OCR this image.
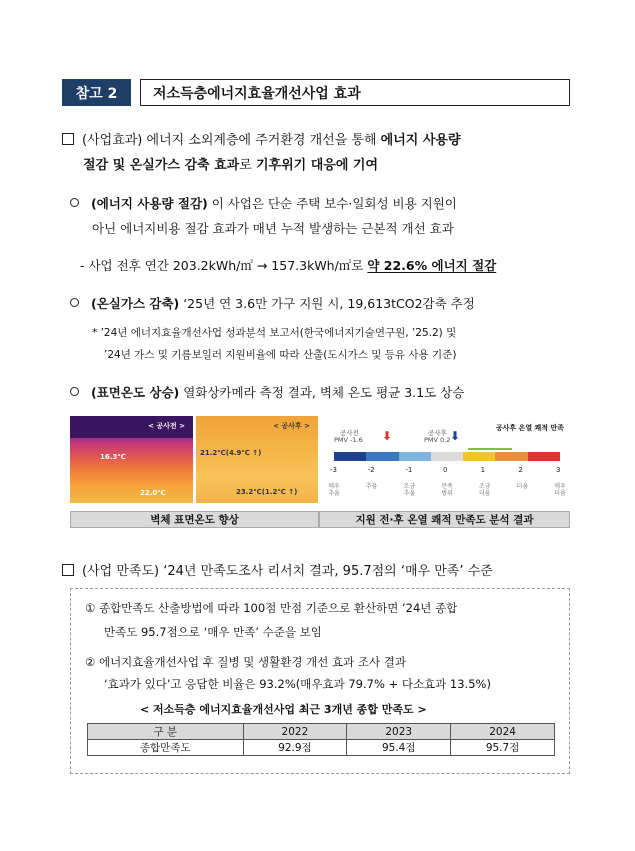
참고 2	저소득층에너지효율개선사업 효과
(사업효과) 에너지 소외계층에 주거환경 개선을 통해 에너지 사용량
절감 및 온실가스 감축 효과로 기후위기 대응에 기여
(에너지 사용량 절감) 이 사업은 단순 주택 보수·일회성 비용 지원이
아닌 에너지비용 절감 효과가 매년 누적 발생하는 근본적 개선 효과
- 사업 전후 연간 203.2kWh/㎡ → 157.3kWh/㎡로 약 22.6% 에너지 절감
(온실가스 감축) ‘25년 연 3.6만 가구 지원 시, 19,613tCO2감축 추정
* ’24년 에너지효율개선사업 성과분석 보고서(한국에너지기술연구원, ’25.2) 및
’24년 가스 및 기름보일러 지원비율에 따라 산출(도시가스 및 등유 사용 기준)
(표면온도 상승) 열화상카메라 측정 결과, 벽체 온도 평균 3.1도 상승
< 공사전 >
16.3℃
22.0℃
< 공사후 >
21.2℃(4.9℃ ↑)
23.2℃(1.2℃ ↑)
공사후 온열 쾌적 만족
공사전
PMV -1.6 ⬇	공사후
PMV 0.2 ⬇
-3
매우
추움
-2
추움
-1
조금
추움
0
만족
범위
1
조금
더움
2
더움
3
매우
더움
벽체 표면온도 향상	지원 전·후 온열 쾌적 만족도 분석 결과
(사업 만족도) ‘24년 만족도조사 리서치 결과, 95.7점의 ‘매우 만족’ 수준
① 종합만족도 산출방법에 따라 100점 만점 기준으로 환산하면 ’24년 종합
만족도 95.7점으로 ‘매우 만족’ 수준을 보임
② 에너지효율개선사업 후 질병 및 생활환경 개선 효과 조사 결과
‘효과가 있다’고 응답한 비율은 93.2%(매우효과 79.7% + 다소효과 13.5%)
< 저소득층 에너지효율개선사업 최근 3개년 종합 만족도 >
구 분	2022	2023	2024
종합만족도	92.9점	95.4점	95.7점
